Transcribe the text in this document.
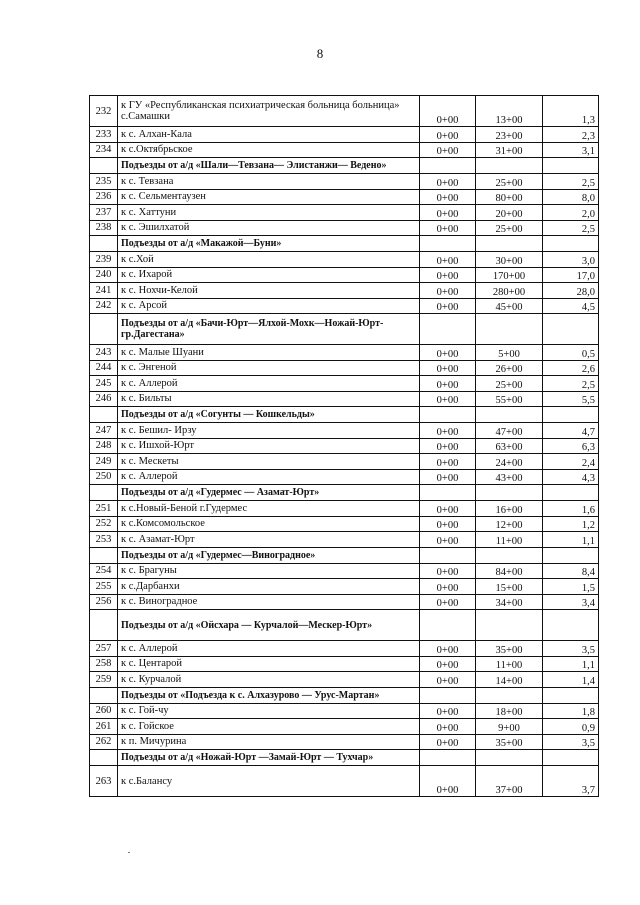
8
232	к ГУ «Республиканская психиатрическая больница больница» с.Самашки	0+00	13+00	1,3
233	к с. Алхан-Кала	0+00	23+00	2,3
234	к с.Октябрьское	0+00	31+00	3,1
	Подъезды от а/д «Шали—Тевзана— Элистанжи— Ведено»			
235	к с. Тевзана	0+00	25+00	2,5
236	к с. Сельментаузен	0+00	80+00	8,0
237	к с. Хаттуни	0+00	20+00	2,0
238	к с. Эшилхатой	0+00	25+00	2,5
	Подъезды от а/д «Макажой—Буни»			
239	к с.Хой	0+00	30+00	3,0
240	к с. Ихарой	0+00	170+00	17,0
241	к с. Нохчи-Келой	0+00	280+00	28,0
242	к с. Арсой	0+00	45+00	4,5
	Подъезды от а/д «Бачи-Юрт—Ялхой-Мохк—Ножай-Юрт-гр.Дагестана»			
243	к с. Малые Шуани	0+00	5+00	0,5
244	к с. Энгеной	0+00	26+00	2,6
245	к с. Аллерой	0+00	25+00	2,5
246	к с. Бильты	0+00	55+00	5,5
	Подъезды от а/д «Согунты — Кошкельды»			
247	к с. Бешил- Ирзу	0+00	47+00	4,7
248	к с. Ишхой-Юрт	0+00	63+00	6,3
249	к с. Мескеты	0+00	24+00	2,4
250	к с. Аллерой	0+00	43+00	4,3
	Подъезды от а/д «Гудермес — Азамат-Юрт»			
251	к с.Новый-Беной г.Гудермес	0+00	16+00	1,6
252	к с.Комсомольское	0+00	12+00	1,2
253	к с. Азамат-Юрт	0+00	11+00	1,1
	Подъезды от а/д «Гудермес—Виноградное»			
254	к с. Брагуны	0+00	84+00	8,4
255	к с.Дарбанхи	0+00	15+00	1,5
256	к с. Виноградное	0+00	34+00	3,4
	Подъезды от а/д «Ойсхара — Курчалой—Мескер-Юрт»			
257	к с. Аллерой	0+00	35+00	3,5
258	к с. Центарой	0+00	11+00	1,1
259	к с. Курчалой	0+00	14+00	1,4
	Подъезды от «Подъезда к с. Алхазурово — Урус-Мартан»			
260	к с. Гой-чу	0+00	18+00	1,8
261	к с. Гойское	0+00	9+00	0,9
262	к п. Мичурина	0+00	35+00	3,5
	Подъезды от а/д «Ножай-Юрт —Замай-Юрт — Тухчар»			
263	к с.Балансу	0+00	37+00	3,7
